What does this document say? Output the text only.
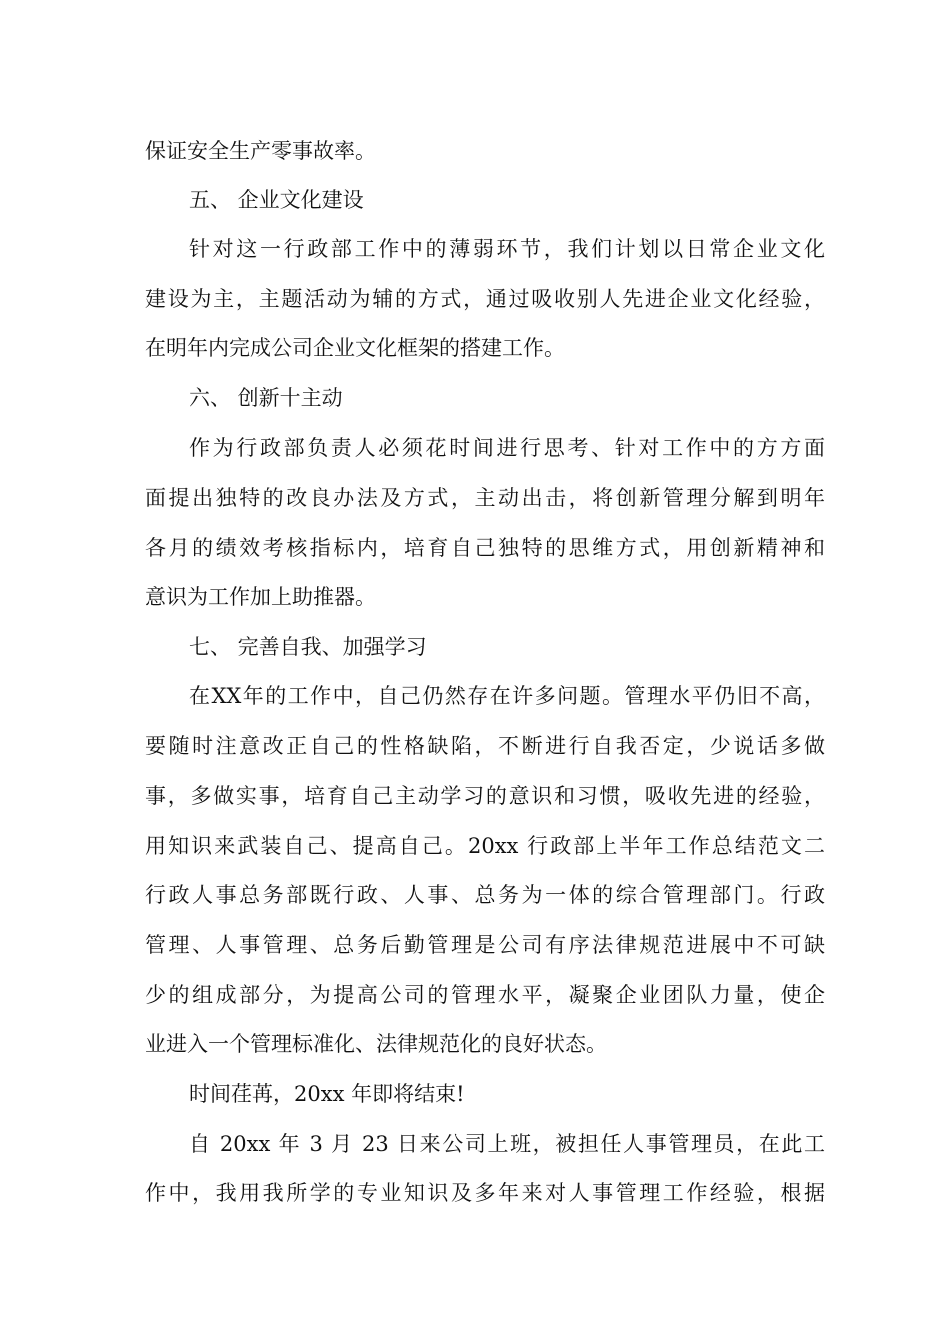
保证安全生产零事故率。
五、 企业文化建设
针对这一行政部工作中的薄弱环节，我们计划以日常企业文化
建设为主，主题活动为辅的方式，通过吸收别人先进企业文化经验，
在明年内完成公司企业文化框架的搭建工作。
六、 创新十主动
作为行政部负责人必须花时间进行思考、针对工作中的方方面
面提出独特的改良办法及方式，主动出击，将创新管理分解到明年
各月的绩效考核指标内，培育自己独特的思维方式，用创新精神和
意识为工作加上助推器。
七、 完善自我、加强学习
在XX年的工作中，自己仍然存在许多问题。管理水平仍旧不高，
要随时注意改正自己的性格缺陷，不断进行自我否定，少说话多做
事，多做实事，培育自己主动学习的意识和习惯，吸收先进的经验，
用知识来武装自己、提高自己。20xx 行政部上半年工作总结范文二
行政人事总务部既行政、人事、总务为一体的综合管理部门。行政
管理、人事管理、总务后勤管理是公司有序法律规范进展中不可缺
少的组成部分，为提高公司的管理水平，凝聚企业团队力量，使企
业进入一个管理标准化、法律规范化的良好状态。
时间荏苒，20xx 年即将结束!
自 20xx 年 3 月 23 日来公司上班，被担任人事管理员，在此工
作中，我用我所学的专业知识及多年来对人事管理工作经验，根据
